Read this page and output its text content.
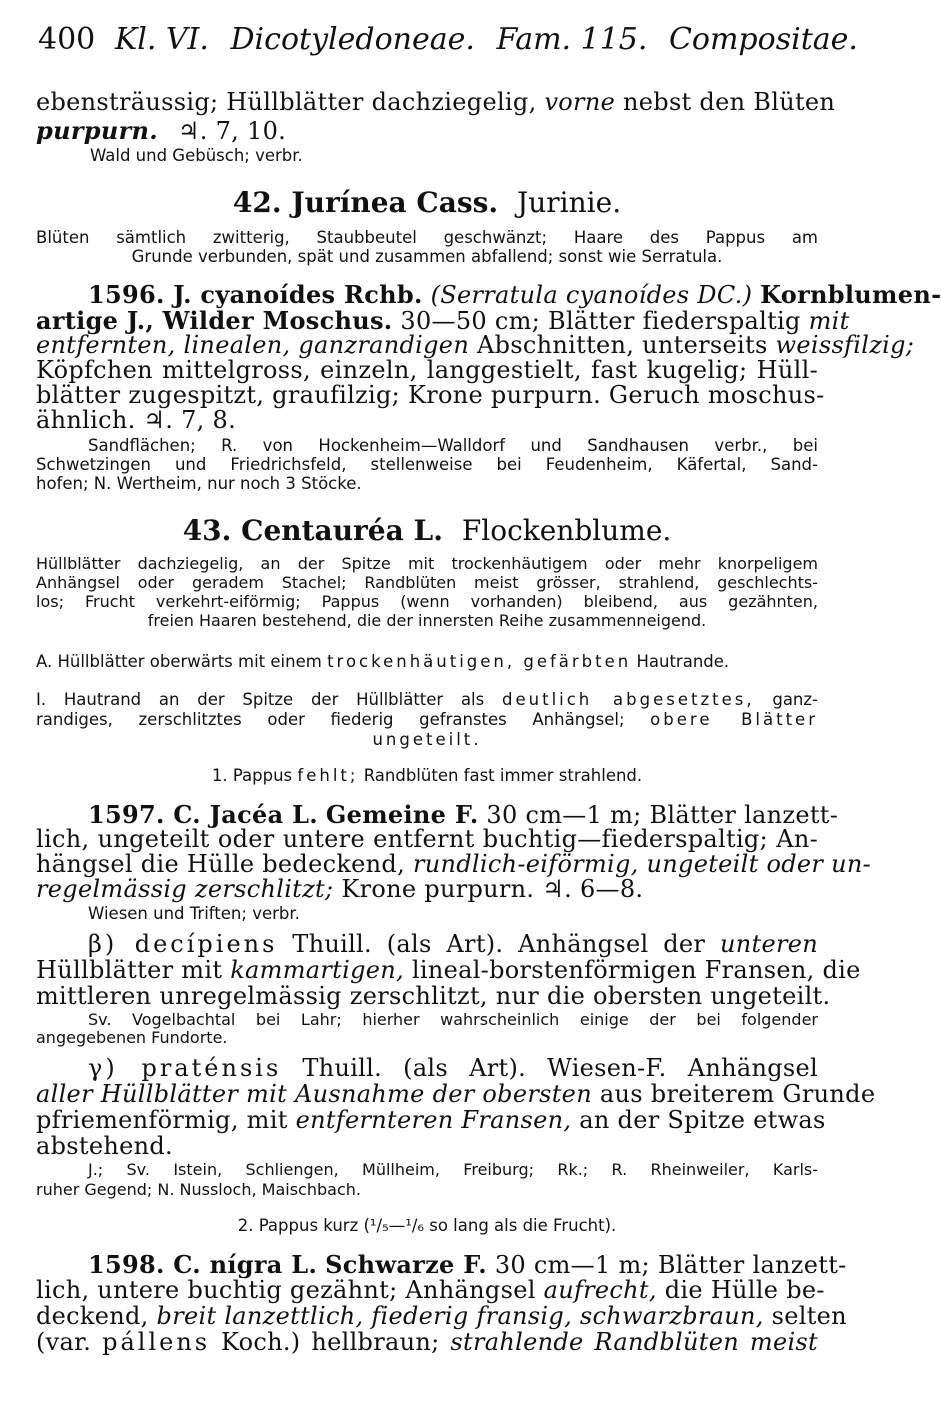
400 Kl. VI. Dicotyledoneae. Fam. 115. Compositae.
ebensträussig; Hüllblätter dachziegelig, vorne nebst den Blüten
purpurn. ♃. 7, 10.
Wald und Gebüsch; verbr.
42. Jurínea Cass. Jurinie.
Blüten sämtlich zwitterig, Staubbeutel geschwänzt; Haare des Pappus am
Grunde verbunden, spät und zusammen abfallend; sonst wie Serratula.
1596. J. cyanoídes Rchb. (Serratula cyanoídes DC.) Kornblumen-
artige J., Wilder Moschus. 30—50 cm; Blätter fiederspaltig mit
entfernten, linealen, ganzrandigen Abschnitten, unterseits weissfilzig;
Köpfchen mittelgross, einzeln, langgestielt, fast kugelig; Hüll-
blätter zugespitzt, graufilzig; Krone purpurn. Geruch moschus-
ähnlich. ♃. 7, 8.
Sandflächen; R. von Hockenheim—Walldorf und Sandhausen verbr., bei
Schwetzingen und Friedrichsfeld, stellenweise bei Feudenheim, Käfertal, Sand-
hofen; N. Wertheim, nur noch 3 Stöcke.
43. Centauréa L. Flockenblume.
Hüllblätter dachziegelig, an der Spitze mit trockenhäutigem oder mehr knorpeligem
Anhängsel oder geradem Stachel; Randblüten meist grösser, strahlend, geschlechts-
los; Frucht verkehrt-eiförmig; Pappus (wenn vorhanden) bleibend, aus gezähnten,
freien Haaren bestehend, die der innersten Reihe zusammenneigend.
A. Hüllblätter oberwärts mit einem trockenhäutigen, gefärbten Hautrande.
I. Hautrand an der Spitze der Hüllblätter als deutlich abgesetztes, ganz-
randiges, zerschlitztes oder fiederig gefranstes Anhängsel; obere Blätter
ungeteilt.
1. Pappus fehlt; Randblüten fast immer strahlend.
1597. C. Jacéa L. Gemeine F. 30 cm—1 m; Blätter lanzett-
lich, ungeteilt oder untere entfernt buchtig—fiederspaltig; An-
hängsel die Hülle bedeckend, rundlich-eiförmig, ungeteilt oder un-
regelmässig zerschlitzt; Krone purpurn. ♃. 6—8.
Wiesen und Triften; verbr.
β) decípiens Thuill. (als Art). Anhängsel der unteren
Hüllblätter mit kammartigen, lineal-borstenförmigen Fransen, die
mittleren unregelmässig zerschlitzt, nur die obersten ungeteilt.
Sv. Vogelbachtal bei Lahr; hierher wahrscheinlich einige der bei folgender
angegebenen Fundorte.
γ) praténsis Thuill. (als Art). Wiesen-F. Anhängsel
aller Hüllblätter mit Ausnahme der obersten aus breiterem Grunde
pfriemenförmig, mit entfernteren Fransen, an der Spitze etwas
abstehend.
J.; Sv. Istein, Schliengen, Müllheim, Freiburg; Rk.; R. Rheinweiler, Karls-
ruher Gegend; N. Nussloch, Maischbach.
2. Pappus kurz (¹/₅—¹/₆ so lang als die Frucht).
1598. C. nígra L. Schwarze F. 30 cm—1 m; Blätter lanzett-
lich, untere buchtig gezähnt; Anhängsel aufrecht, die Hülle be-
deckend, breit lanzettlich, fiederig fransig, schwarzbraun, selten
(var. pállens Koch.) hellbraun; strahlende Randblüten meist
